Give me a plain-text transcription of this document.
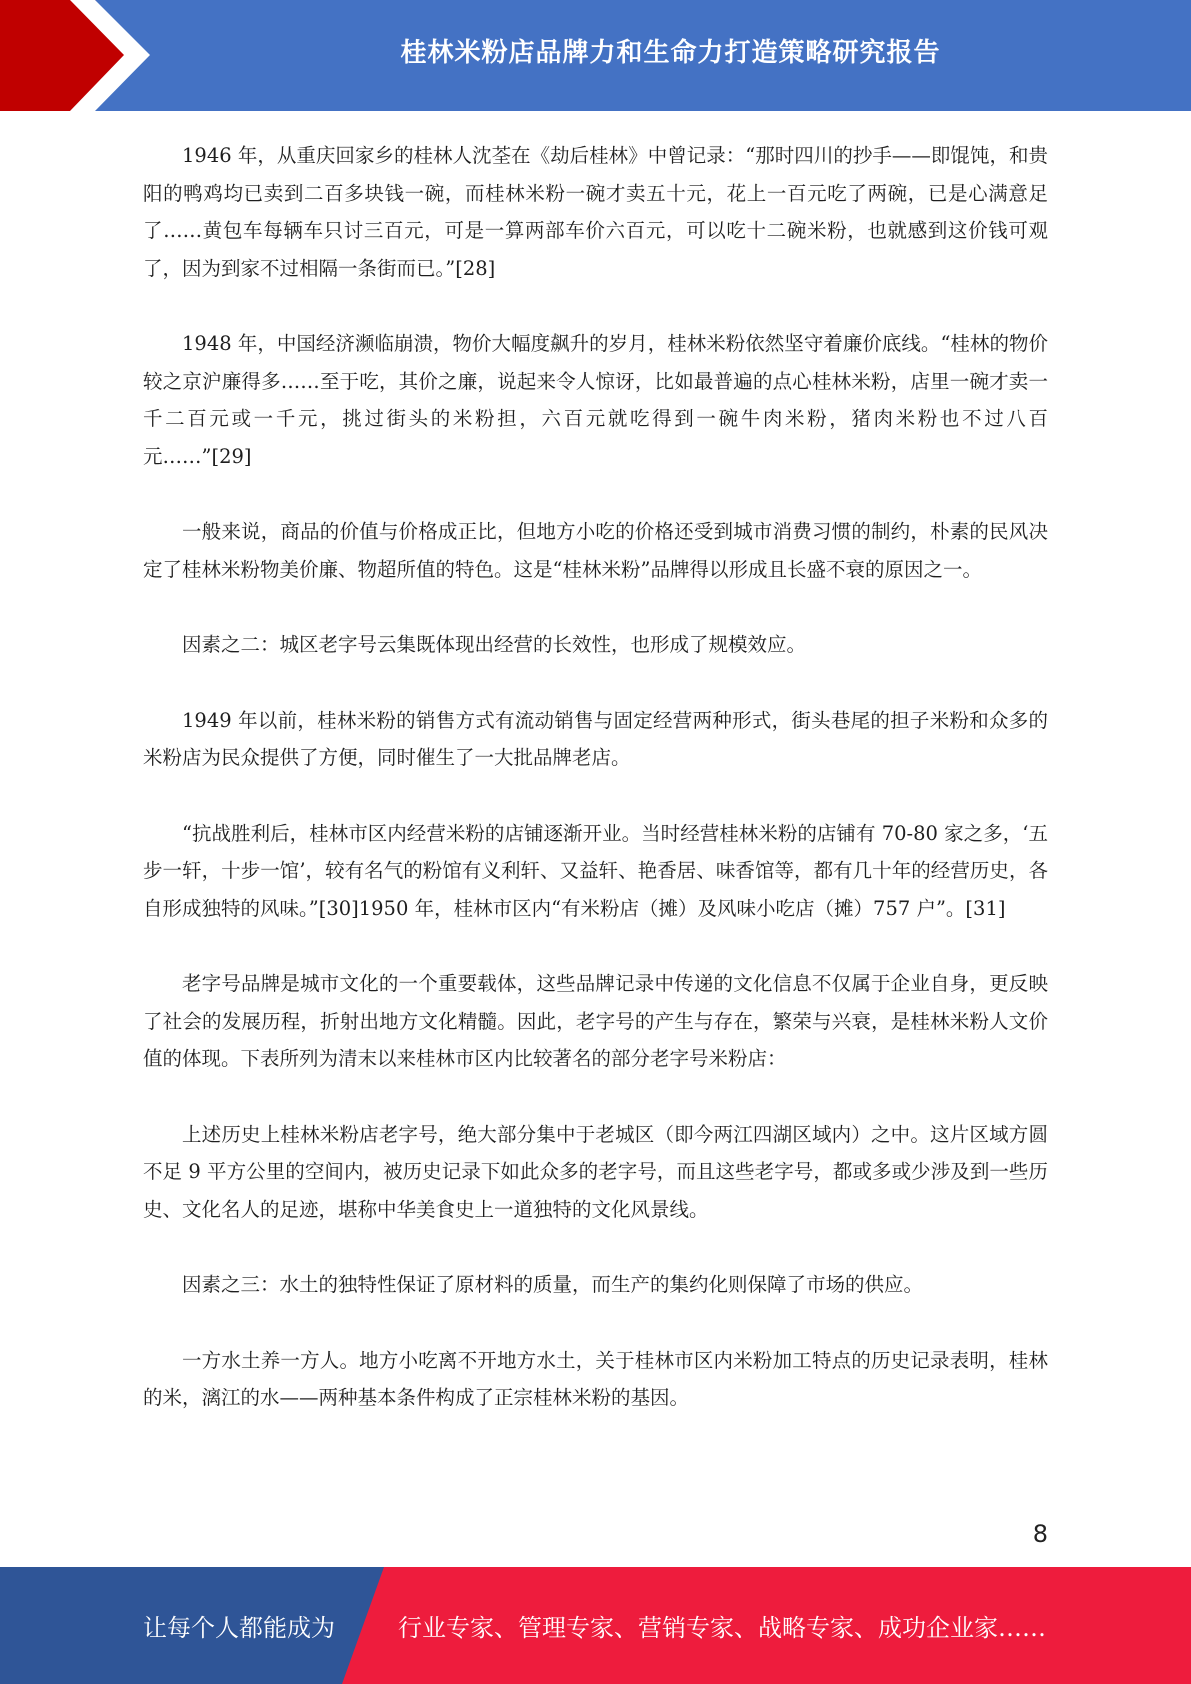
桂林米粉店品牌力和生命力打造策略研究报告

1946 年，从重庆回家乡的桂林人沈荃在《劫后桂林》中曾记录：“那时四川的抄手——即馄饨，和贵阳的鸭鸡均已卖到二百多块钱一碗，而桂林米粉一碗才卖五十元，花上一百元吃了两碗，已是心满意足了……黄包车每辆车只讨三百元，可是一算两部车价六百元，可以吃十二碗米粉，也就感到这价钱可观了，因为到家不过相隔一条街而已。”[28]

1948 年，中国经济濒临崩溃，物价大幅度飙升的岁月，桂林米粉依然坚守着廉价底线。“桂林的物价较之京沪廉得多……至于吃，其价之廉，说起来令人惊讶，比如最普遍的点心桂林米粉，店里一碗才卖一千二百元或一千元，挑过街头的米粉担，六百元就吃得到一碗牛肉米粉，猪肉米粉也不过八百元……”[29]

一般来说，商品的价值与价格成正比，但地方小吃的价格还受到城市消费习惯的制约，朴素的民风决定了桂林米粉物美价廉、物超所值的特色。这是“桂林米粉”品牌得以形成且长盛不衰的原因之一。

因素之二：城区老字号云集既体现出经营的长效性，也形成了规模效应。

1949 年以前，桂林米粉的销售方式有流动销售与固定经营两种形式，街头巷尾的担子米粉和众多的米粉店为民众提供了方便，同时催生了一大批品牌老店。

“抗战胜利后，桂林市区内经营米粉的店铺逐渐开业。当时经营桂林米粉的店铺有 70-80 家之多，‘五步一轩，十步一馆’，较有名气的粉馆有义利轩、又益轩、艳香居、味香馆等，都有几十年的经营历史，各自形成独特的风味。”[30]1950 年，桂林市区内“有米粉店（摊）及风味小吃店（摊）757 户”。[31]

老字号品牌是城市文化的一个重要载体，这些品牌记录中传递的文化信息不仅属于企业自身，更反映了社会的发展历程，折射出地方文化精髓。因此，老字号的产生与存在，繁荣与兴衰，是桂林米粉人文价值的体现。下表所列为清末以来桂林市区内比较著名的部分老字号米粉店：

上述历史上桂林米粉店老字号，绝大部分集中于老城区（即今两江四湖区域内）之中。这片区域方圆不足 9 平方公里的空间内，被历史记录下如此众多的老字号，而且这些老字号，都或多或少涉及到一些历史、文化名人的足迹，堪称中华美食史上一道独特的文化风景线。

因素之三：水土的独特性保证了原材料的质量，而生产的集约化则保障了市场的供应。

一方水土养一方人。地方小吃离不开地方水土，关于桂林市区内米粉加工特点的历史记录表明，桂林的米，漓江的水——两种基本条件构成了正宗桂林米粉的基因。

8
让每个人都能成为	行业专家、管理专家、营销专家、战略专家、成功企业家……
